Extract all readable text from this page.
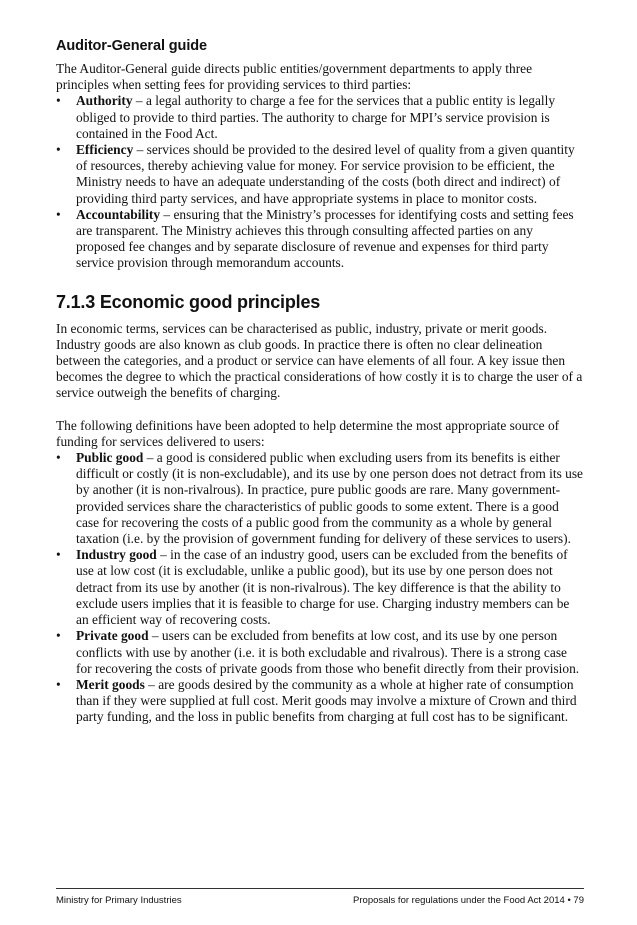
Auditor-General guide

The Auditor-General guide directs public entities/government departments to apply three principles when setting fees for providing services to third parties:

• Authority – a legal authority to charge a fee for the services that a public entity is legally obliged to provide to third parties. The authority to charge for MPI’s service provision is contained in the Food Act.
• Efficiency – services should be provided to the desired level of quality from a given quantity of resources, thereby achieving value for money. For service provision to be efficient, the Ministry needs to have an adequate understanding of the costs (both direct and indirect) of providing third party services, and have appropriate systems in place to monitor costs.
• Accountability – ensuring that the Ministry’s processes for identifying costs and setting fees are transparent. The Ministry achieves this through consulting affected parties on any proposed fee changes and by separate disclosure of revenue and expenses for third party service provision through memorandum accounts.
7.1.3 Economic good principles

In economic terms, services can be characterised as public, industry, private or merit goods. Industry goods are also known as club goods. In practice there is often no clear delineation between the categories, and a product or service can have elements of all four. A key issue then becomes the degree to which the practical considerations of how costly it is to charge the user of a service outweigh the benefits of charging.

The following definitions have been adopted to help determine the most appropriate source of funding for services delivered to users:

• Public good – a good is considered public when excluding users from its benefits is either difficult or costly (it is non-excludable), and its use by one person does not detract from its use by another (it is non-rivalrous). In practice, pure public goods are rare. Many government-provided services share the characteristics of public goods to some extent. There is a good case for recovering the costs of a public good from the community as a whole by general taxation (i.e. by the provision of government funding for delivery of these services to users).
• Industry good – in the case of an industry good, users can be excluded from the benefits of use at low cost (it is excludable, unlike a public good), but its use by one person does not detract from its use by another (it is non-rivalrous). The key difference is that the ability to exclude users implies that it is feasible to charge for use. Charging industry members can be an efficient way of recovering costs.
• Private good – users can be excluded from benefits at low cost, and its use by one person conflicts with use by another (i.e. it is both excludable and rivalrous). There is a strong case for recovering the costs of private goods from those who benefit directly from their provision.
• Merit goods – are goods desired by the community as a whole at higher rate of consumption than if they were supplied at full cost. Merit goods may involve a mixture of Crown and third party funding, and the loss in public benefits from charging at full cost has to be significant.
Ministry for Primary Industries	Proposals for regulations under the Food Act 2014 • 79
